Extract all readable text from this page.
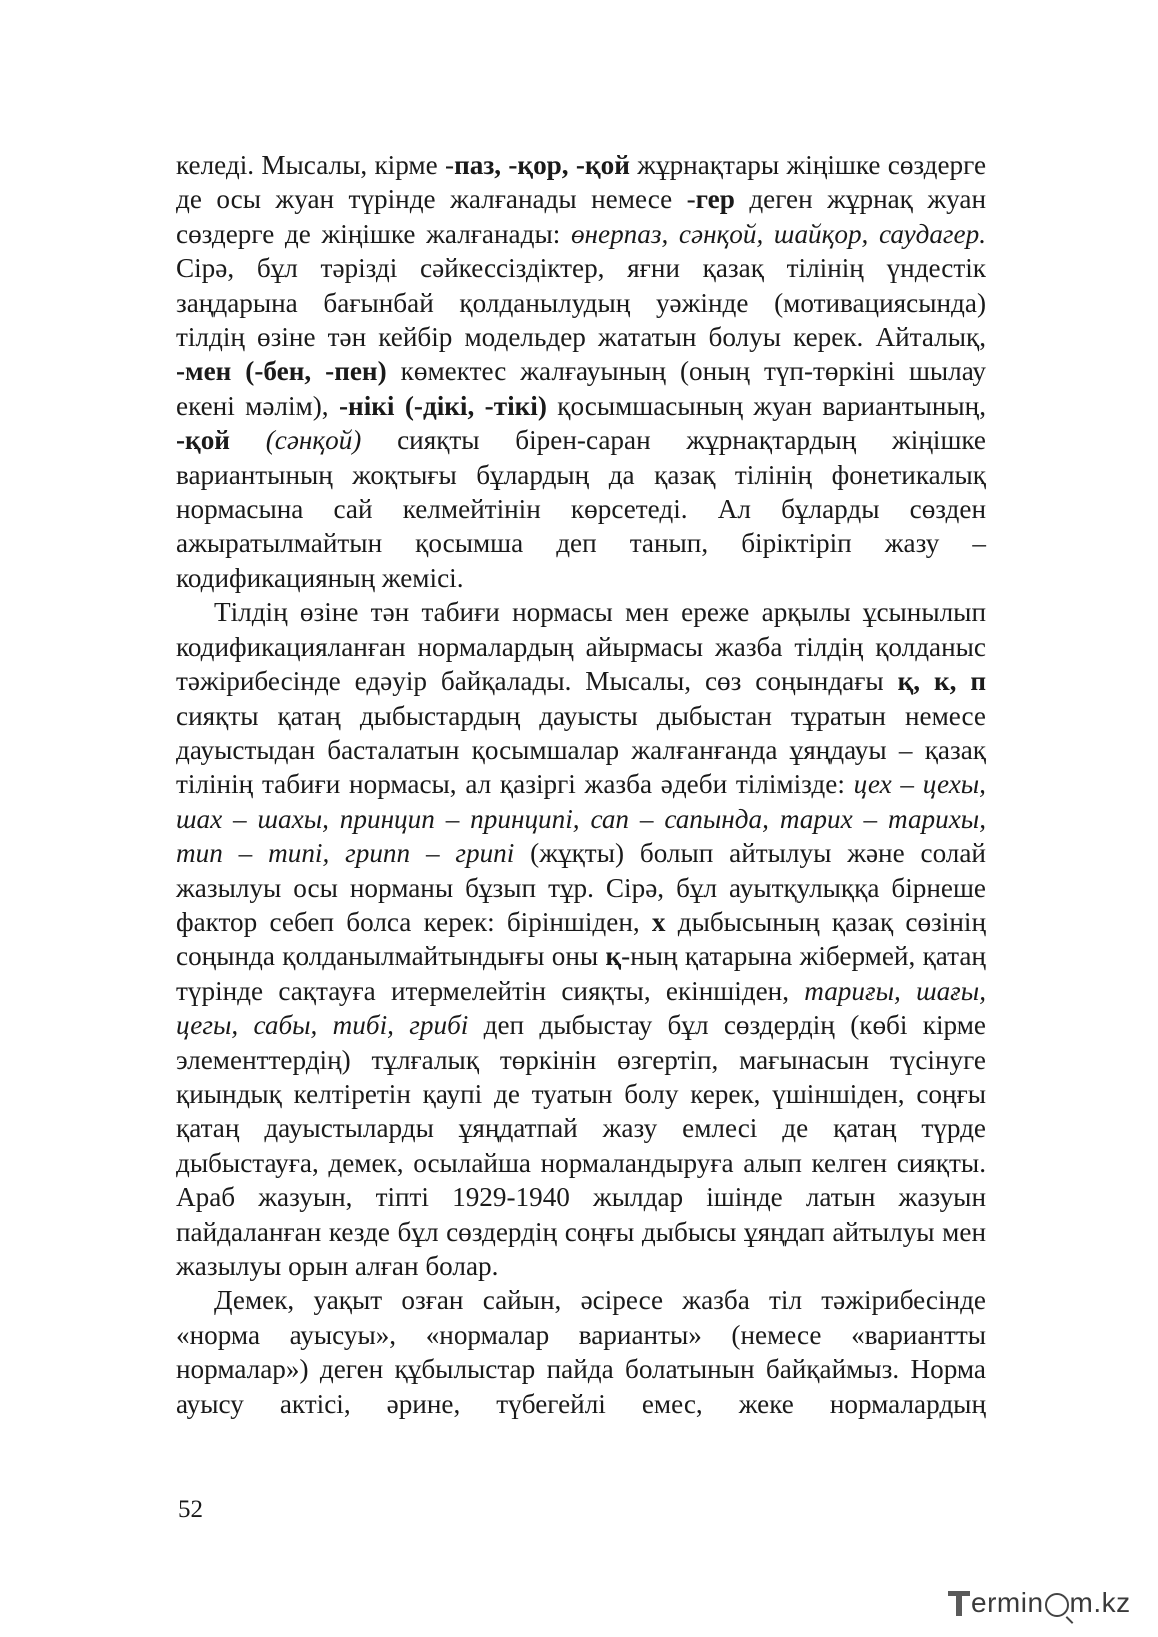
келеді. Мысалы, кірме -паз, -қор, -қой жұрнақтары жіңішке сөздерге де осы жуан түрінде жалғанады немесе -гер деген жұрнақ жуан сөздерге де жіңішке жалғанады: өнерпаз, сәнқой, шайқор, саудагер. Сірә, бұл тәрізді сәйкессіздіктер, яғни қазақ тілінің үндестік заңдарына бағынбай қолданылудың уәжінде (мотивациясында) тілдің өзіне тән кейбір модельдер жататын болуы керек. Айталық, -мен (-бен, -пен) көмектес жалғауының (оның түп-төркіні шылау екені мәлім), -нікі (-дікі, -тікі) қосымшасының жуан вариантының, -қой (сәнқой) сияқты бірен-саран жұрнақтардың жіңішке вариантының жоқтығы бұлардың да қазақ тілінің фонетикалық нормасына сай келмейтінін көрсетеді. Ал бұларды сөзден ажыратылмайтын қосымша деп танып, біріктіріп жазу – кодификацияның жемісі.

Тілдің өзіне тән табиғи нормасы мен ереже арқылы ұсынылып кодификацияланған нормалардың айырмасы жазба тілдің қолданыс тәжірибесінде едәуір байқалады. Мысалы, сөз соңындағы қ, к, п сияқты қатаң дыбыстардың дауысты дыбыстан тұратын немесе дауыстыдан басталатын қосымшалар жалғанғанда ұяңдауы – қазақ тілінің табиғи нормасы, ал қазіргі жазба әдеби тілімізде: цех – цехы, шах – шахы, принцип – принципі, сап – сапында, тарих – тарихы, тип – типі, грипп – грипі (жұқты) болып айтылуы және солай жазылуы осы норманы бұзып тұр. Сірә, бұл ауытқулыққа бірнеше фактор себеп болса керек: біріншіден, х дыбысының қазақ сөзінің соңында қолданылмайтындығы оны қ-ның қатарына жібермей, қатаң түрінде сақтауға итермелейтін сияқты, екіншіден, тариғы, шағы, цегы, сабы, тибі, грибі деп дыбыстау бұл сөздердің (көбі кірме элементтердің) тұлғалық төркінін өзгертіп, мағынасын түсінуге қиындық келтіретін қаупі де туатын болу керек, үшіншіден, соңғы қатаң дауыстыларды ұяңдатпай жазу емлесі де қатаң түрде дыбыстауға, демек, осылайша нормаландыруға алып келген сияқты. Араб жазуын, тіпті 1929-1940 жылдар ішінде латын жазуын пайдаланған кезде бұл сөздердің соңғы дыбысы ұяңдап айтылуы мен жазылуы орын алған болар.

Демек, уақыт озған сайын, әсіресе жазба тіл тәжірибесінде «норма ауысуы», «нормалар варианты» (немесе «вариантты нормалар») деген құбылыстар пайда болатынын байқаймыз. Норма ауысу актісі, әрине, түбегейлі емес, жеке нормалардың

52
ermin m.kz
